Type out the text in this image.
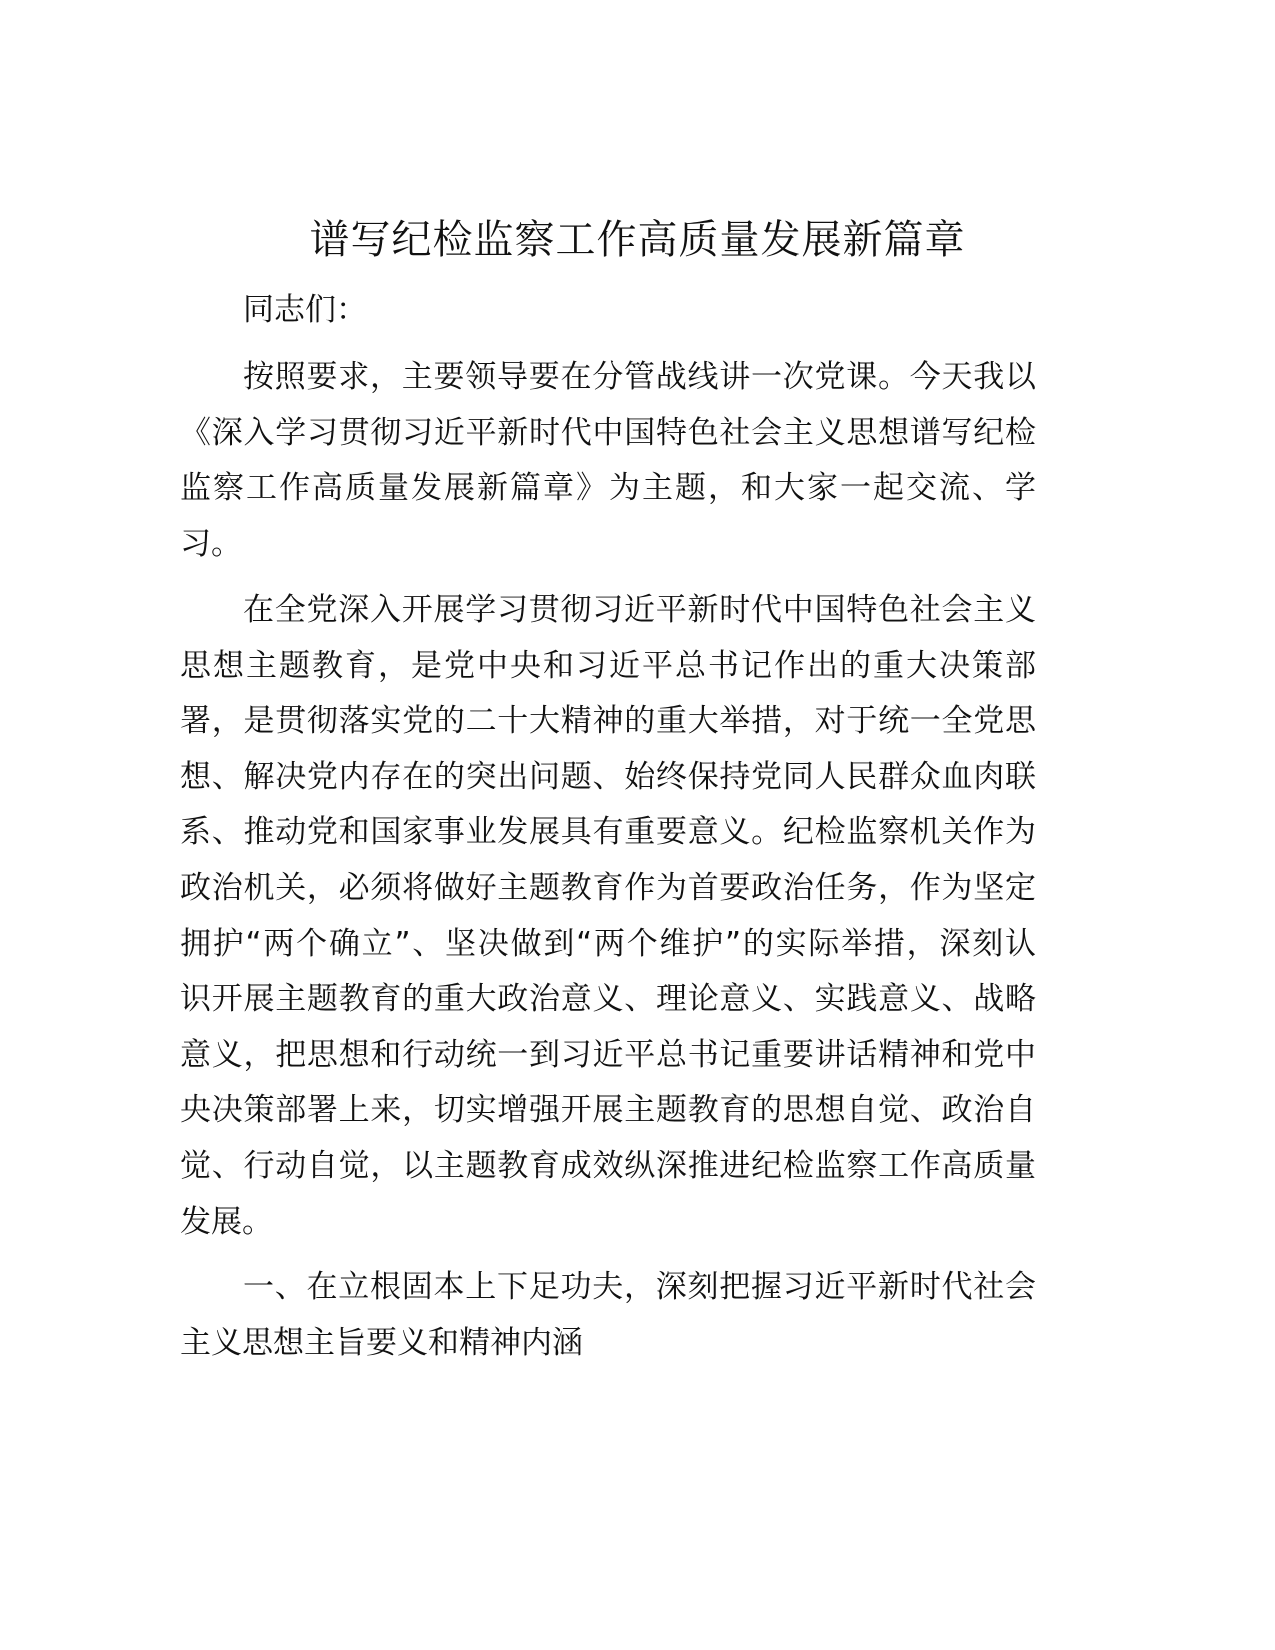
谱写纪检监察工作高质量发展新篇章
同志们：
按照要求，主要领导要在分管战线讲一次党课。今天我以
《深入学习贯彻习近平新时代中国特色社会主义思想谱写纪检
监察工作高质量发展新篇章》为主题，和大家一起交流、学
习。
在全党深入开展学习贯彻习近平新时代中国特色社会主义
思想主题教育，是党中央和习近平总书记作出的重大决策部
署，是贯彻落实党的二十大精神的重大举措，对于统一全党思
想、解决党内存在的突出问题、始终保持党同人民群众血肉联
系、推动党和国家事业发展具有重要意义。纪检监察机关作为
政治机关，必须将做好主题教育作为首要政治任务，作为坚定
拥护“两个确立”、坚决做到“两个维护”的实际举措，深刻认
识开展主题教育的重大政治意义、理论意义、实践意义、战略
意义，把思想和行动统一到习近平总书记重要讲话精神和党中
央决策部署上来，切实增强开展主题教育的思想自觉、政治自
觉、行动自觉，以主题教育成效纵深推进纪检监察工作高质量
发展。
一、在立根固本上下足功夫，深刻把握习近平新时代社会
主义思想主旨要义和精神内涵
